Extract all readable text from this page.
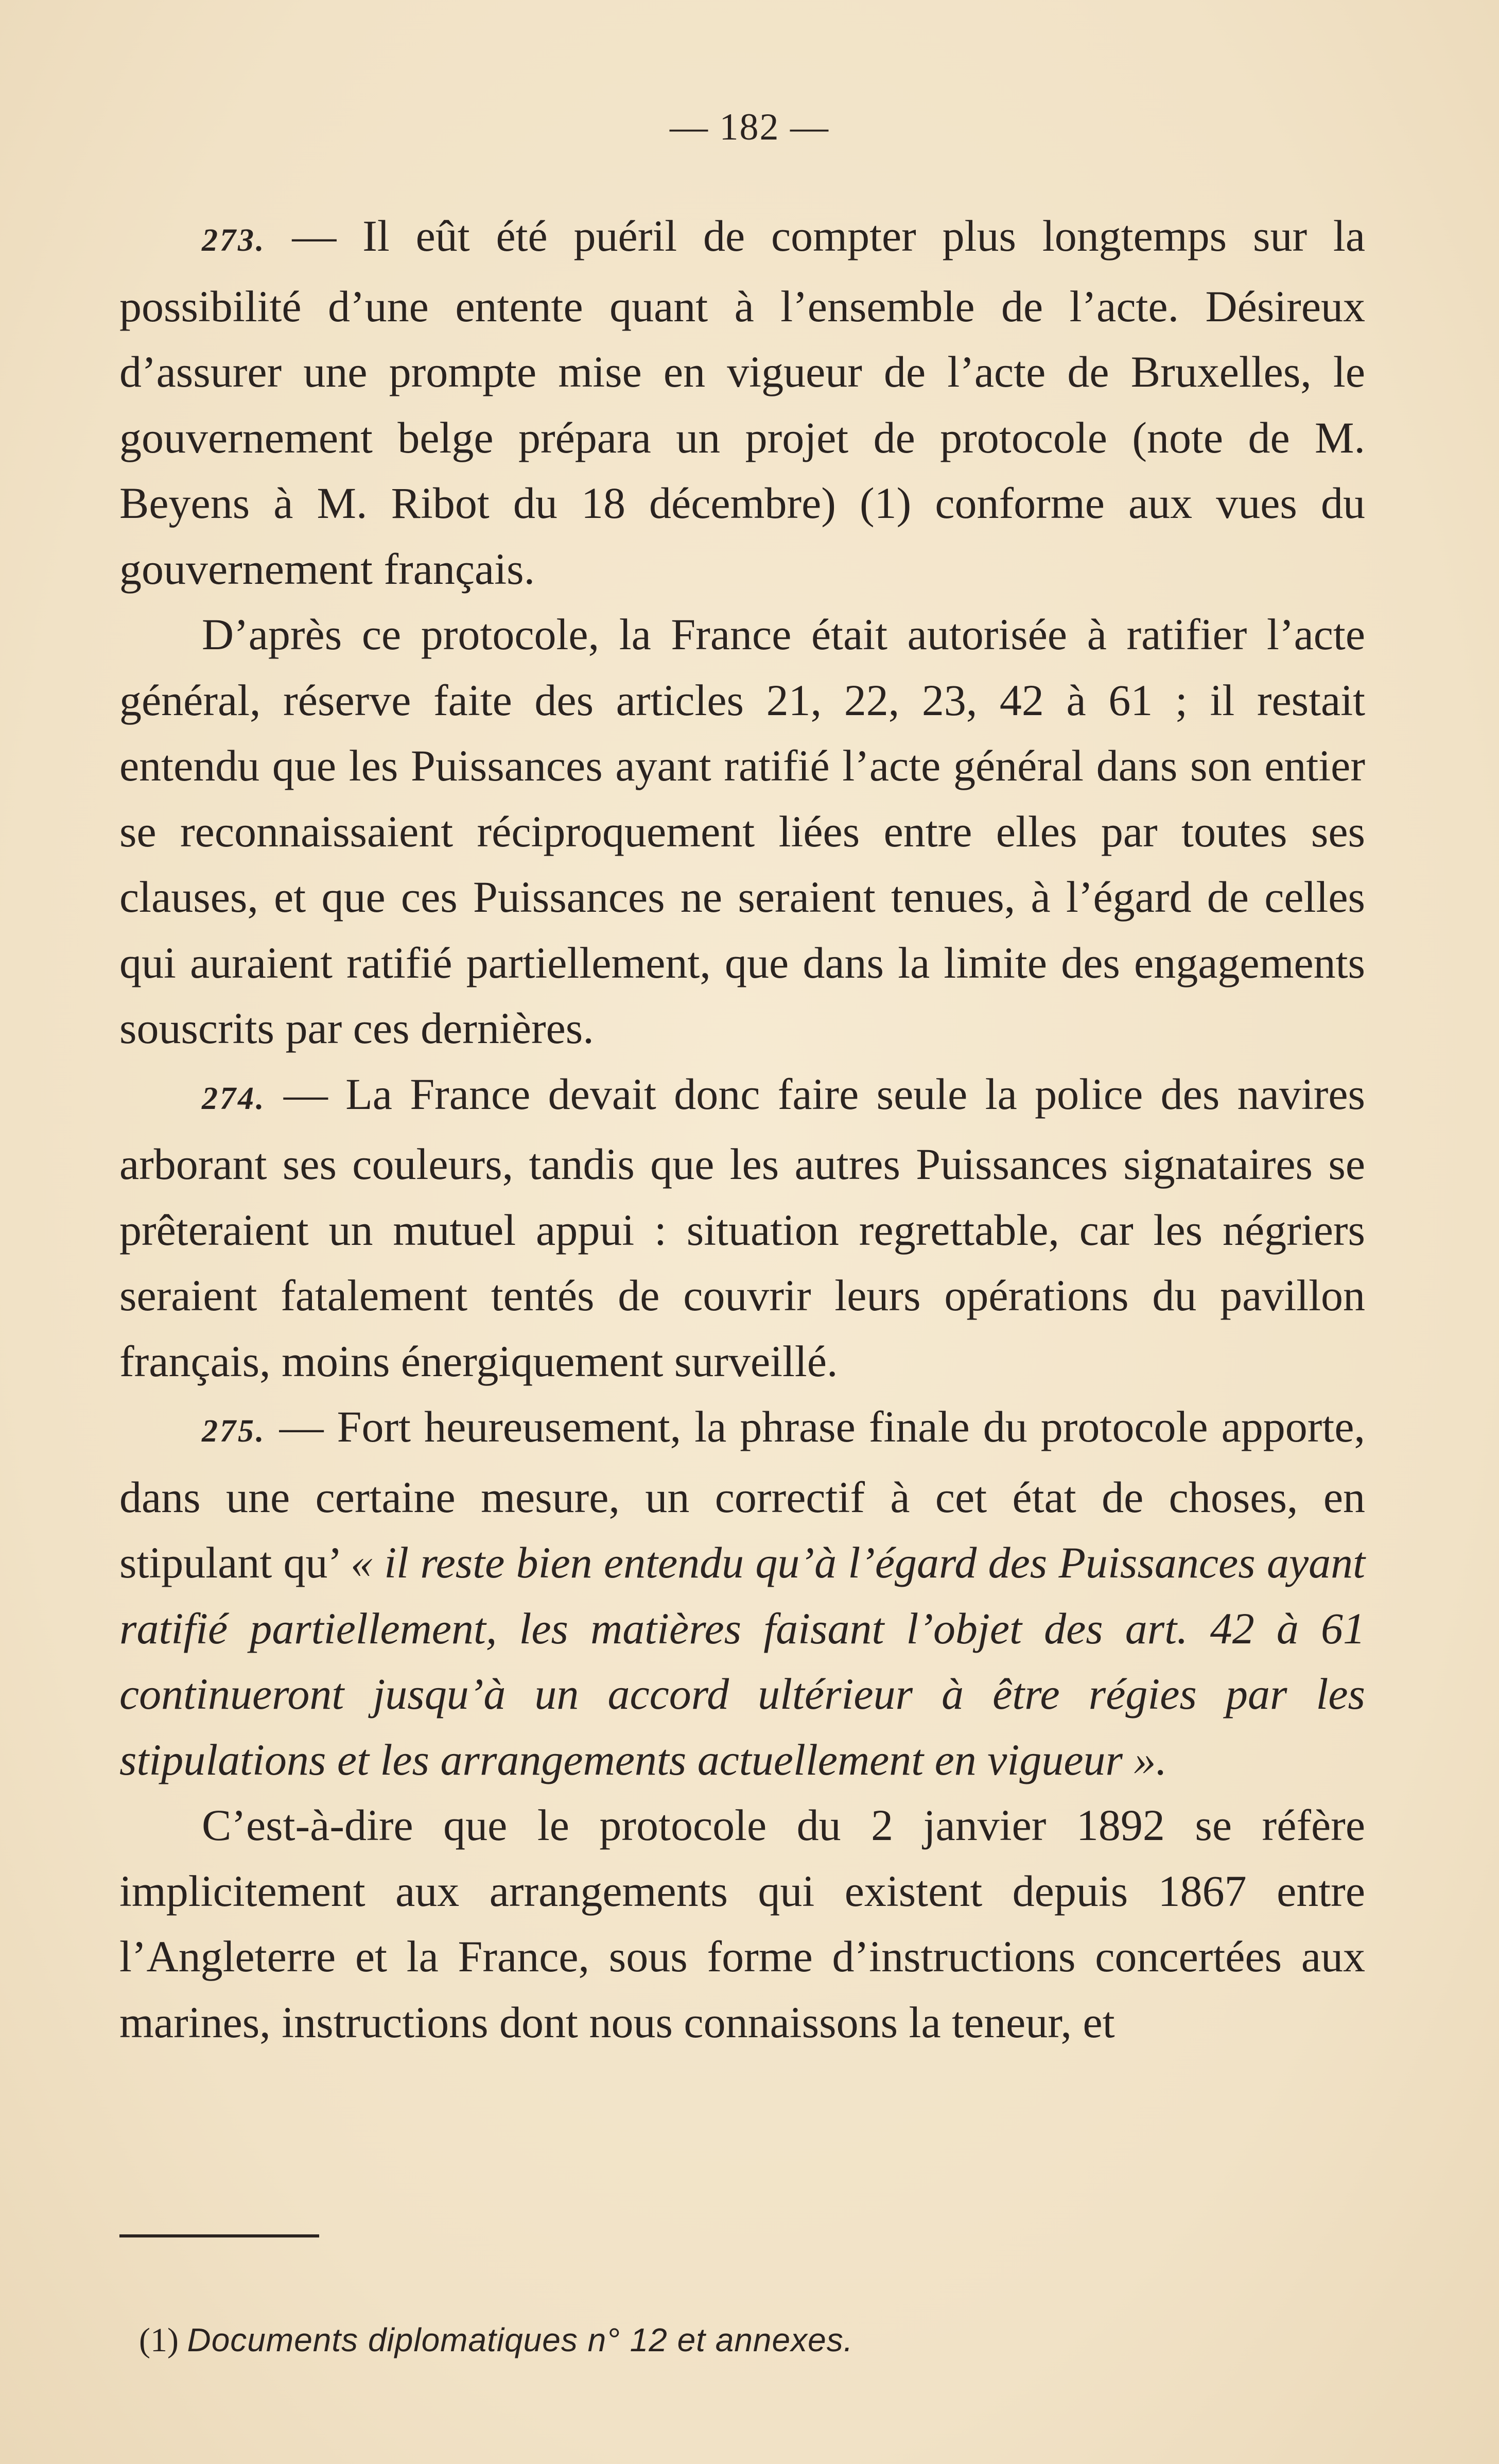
— 182 —

273. — Il eût été puéril de compter plus longtemps sur la possibilité d’une entente quant à l’ensemble de l’acte. Désireux d’assurer une prompte mise en vigueur de l’acte de Bruxelles, le gouvernement belge prépara un projet de protocole (note de M. Beyens à M. Ribot du 18 décembre) (1) conforme aux vues du gouvernement français.

D’après ce protocole, la France était autorisée à ratifier l’acte général, réserve faite des articles 21, 22, 23, 42 à 61 ; il restait entendu que les Puissances ayant ratifié l’acte général dans son entier se reconnaissaient réciproquement liées entre elles par toutes ses clauses, et que ces Puissances ne seraient tenues, à l’égard de celles qui auraient ratifié partiellement, que dans la limite des engagements souscrits par ces dernières.

274. — La France devait donc faire seule la police des navires arborant ses couleurs, tandis que les autres Puissances signataires se prêteraient un mutuel appui : situation regrettable, car les négriers seraient fatalement tentés de couvrir leurs opérations du pavillon français, moins énergiquement surveillé.

275. — Fort heureusement, la phrase finale du protocole apporte, dans une certaine mesure, un correctif à cet état de choses, en stipulant qu’ « il reste bien entendu qu’à l’égard des Puissances ayant ratifié partiellement, les matières faisant l’objet des art. 42 à 61 continueront jusqu’à un accord ultérieur à être régies par les stipulations et les arrangements actuellement en vigueur ».

C’est-à-dire que le protocole du 2 janvier 1892 se réfère implicitement aux arrangements qui existent depuis 1867 entre l’Angleterre et la France, sous forme d’instructions concertées aux marines, instructions dont nous connaissons la teneur, et

(1) Documents diplomatiques n° 12 et annexes.
